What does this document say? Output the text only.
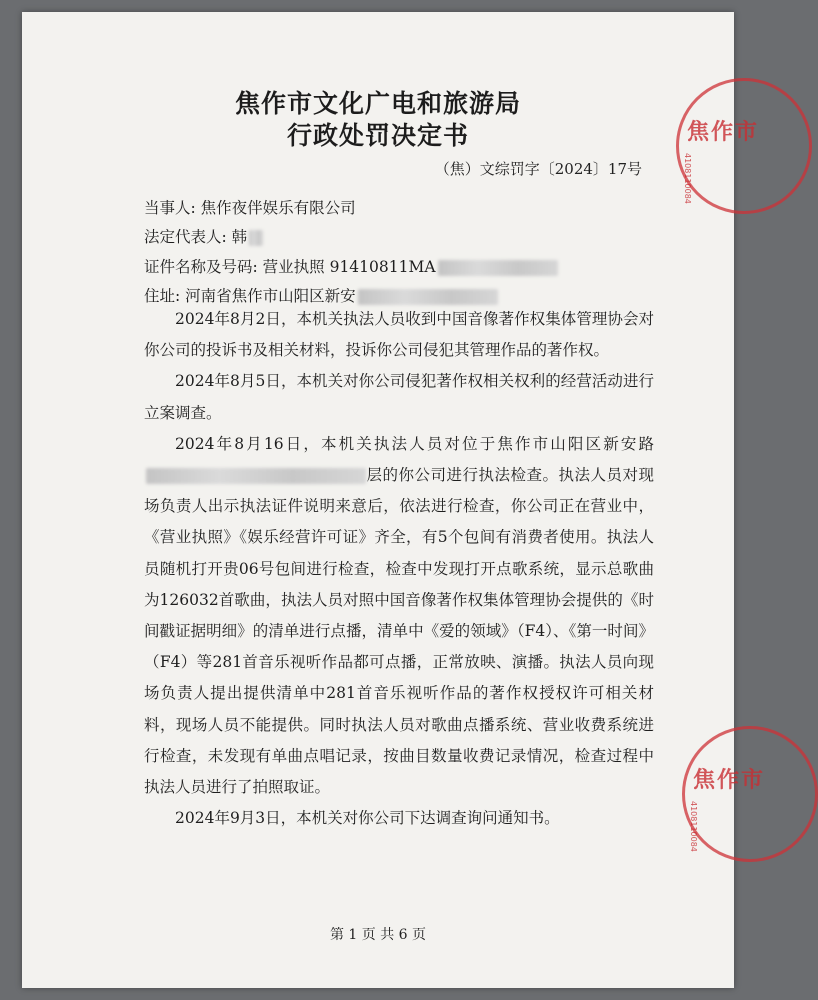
焦作市文化广电和旅游局
行政处罚决定书
（焦）文综罚字〔2024〕17号
当事人: 焦作夜伴娱乐有限公司
法定代表人: 韩
证件名称及号码: 营业执照 91410811MA
住址: 河南省焦作市山阳区新安

2024年8月2日，本机关执法人员收到中国音像著作权集体管理协会对你公司的投诉书及相关材料，投诉你公司侵犯其管理作品的著作权。

2024年8月5日，本机关对你公司侵犯著作权相关权利的经营活动进行立案调查。

2024年8月16日，本机关执法人员对位于焦作市山阳区新安路层的你公司进行执法检查。执法人员对现场负责人出示执法证件说明来意后，依法进行检查，你公司正在营业中，《营业执照》《娱乐经营许可证》齐全，有5个包间有消费者使用。执法人员随机打开贵06号包间进行检查，检查中发现打开点歌系统，显示总歌曲为126032首歌曲，执法人员对照中国音像著作权集体管理协会提供的《时间戳证据明细》的清单进行点播，清单中《爱的领域》（F4）、《第一时间》（F4）等281首音乐视听作品都可点播，正常放映、演播。执法人员向现场负责人提出提供清单中281首音乐视听作品的著作权授权许可相关材料，现场人员不能提供。同时执法人员对歌曲点播系统、营业收费系统进行检查，未发现有单曲点唱记录，按曲目数量收费记录情况，检查过程中执法人员进行了拍照取证。

2024年9月3日，本机关对你公司下达调查询问通知书。

第 1 页 共 6 页
焦作市
4108110084
焦作市
4108110084
